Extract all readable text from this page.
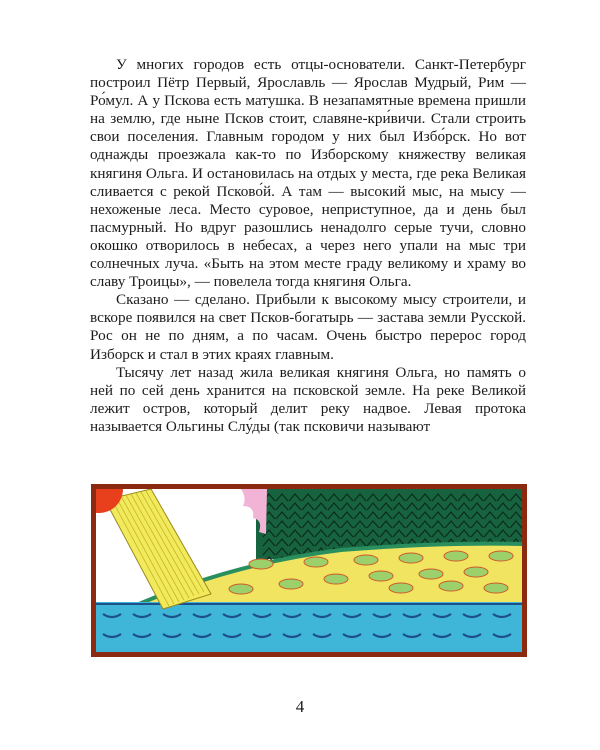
У многих городов есть отцы-основатели. Санкт-Петербург построил Пётр Первый, Ярославль — Ярослав Мудрый, Рим — Ро́мул. А у Пскова есть матушка. В незапамятные времена пришли на землю, где ныне Псков стоит, славяне-кри́вичи. Стали строить свои поселения. Главным городом у них был Избо́рск. Но вот однажды проезжала как-то по Изборскому княжеству великая княгиня Ольга. И остановилась на отдых у места, где река Великая сливается с рекой Псково́й. А там — высокий мыс, на мысу — нехоженые леса. Место суровое, неприступное, да и день был пасмурный. Но вдруг разошлись ненадолго серые тучи, словно окошко отворилось в небесах, а через него упали на мыс три солнечных луча. «Быть на этом месте граду великому и храму во славу Троицы», — повелела тогда княгиня Ольга.

Сказано — сделано. Прибыли к высокому мысу строители, и вскоре появился на свет Псков-богатырь — застава земли Русской. Рос он не по дням, а по часам. Очень быстро перерос город Изборск и стал в этих краях главным.

Тысячу лет назад жила великая княгиня Ольга, но память о ней по сей день хранится на псковской земле. На реке Великой лежит остров, который делит реку надвое. Левая протока называется Ольгины Слу́ды (так псковичи называют

4
